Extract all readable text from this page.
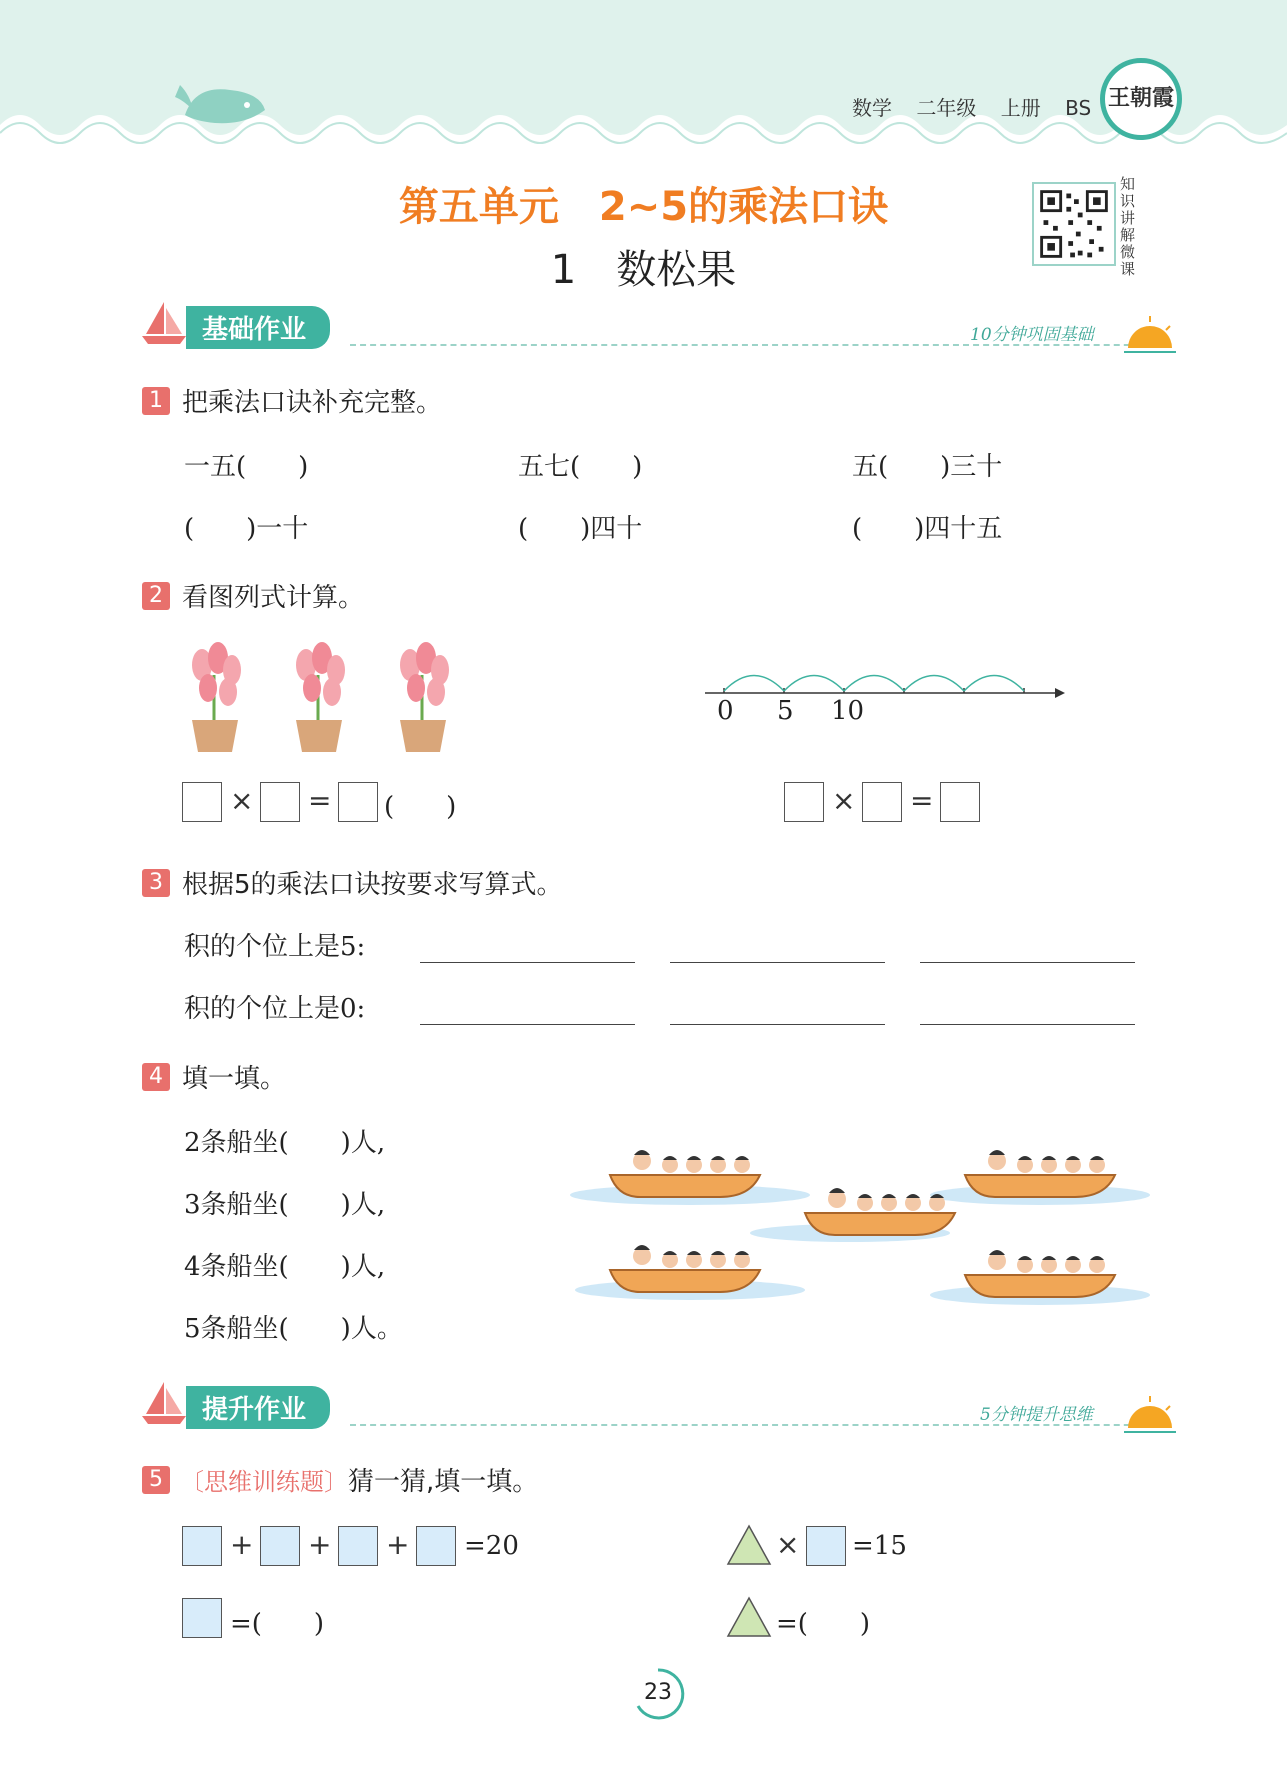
数学 二年级 上册 BS 王朝霞
第五单元　2~5的乘法口诀
1　数松果
知识讲解微课
基础作业	10分钟巩固基础
1 把乘法口诀补充完整。
一五(　　)	五七(　　)	五(　　)三十
(　　)一十	(　　)四十	(　　)四十五
2 看图列式计算。
0 5 10
× = (　　)	× =
3 根据5的乘法口诀按要求写算式。
积的个位上是5:
积的个位上是0:
4 填一填。
2条船坐(　　)人,
3条船坐(　　)人,
4条船坐(　　)人,
5条船坐(　　)人。
提升作业	5分钟提升思维
5 〔思维训练题〕猜一猜,填一填。
+ + + =20	× =15
=(　　)	=(　　)
23
